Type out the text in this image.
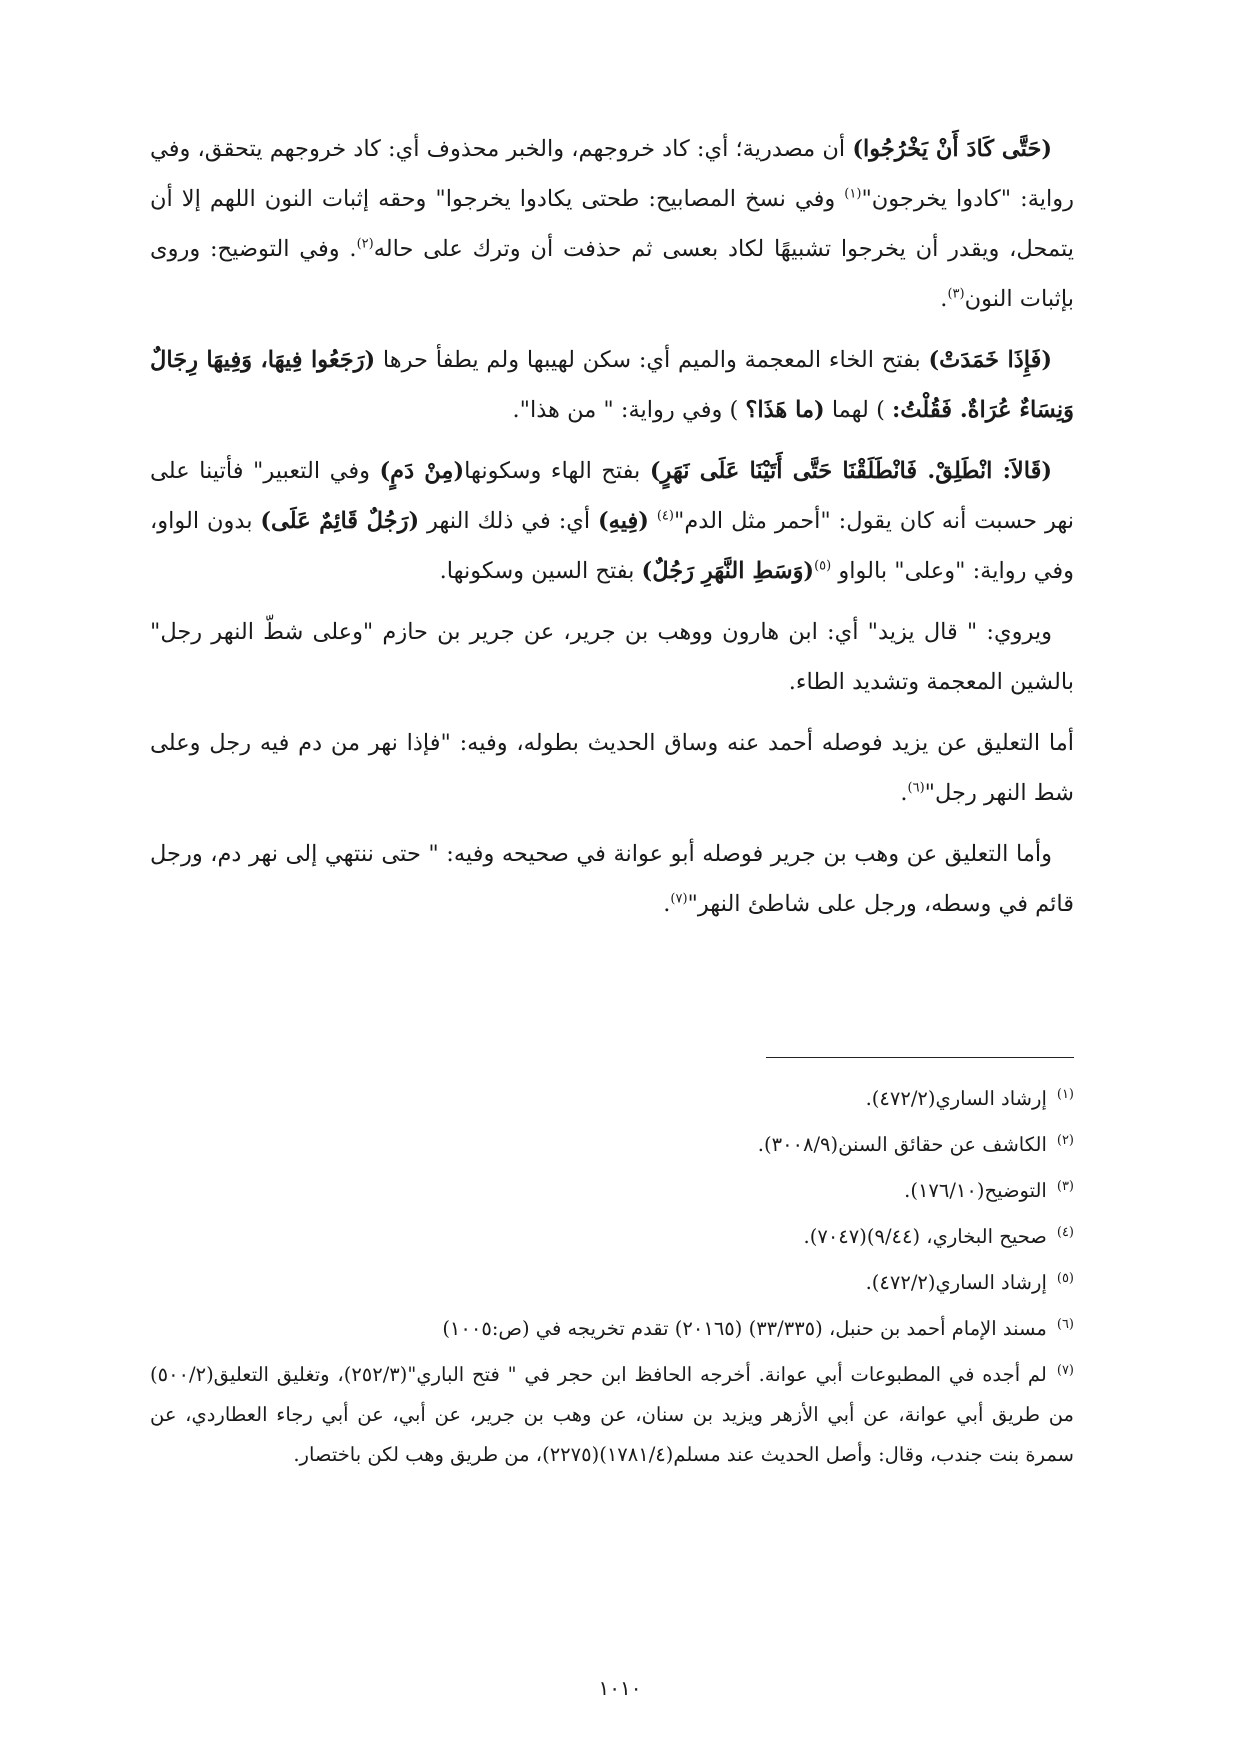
(حَتَّى كَادَ أَنْ يَخْرُجُوا) أن مصدرية؛ أي: كاد خروجهم، والخبر محذوف أي: كاد خروجهم يتحقق، وفي رواية: "كادوا يخرجون"$^{(١)}$ وفي نسخ المصابيح: طحتى يكادوا يخرجوا" وحقه إثبات النون اللهم إلا أن يتمحل، ويقدر أن يخرجوا تشبيهًا لكاد بعسى ثم حذفت أن وترك على حاله$^{(٢)}$. وفي التوضيح: وروى بإثبات النون$^{(٣)}$.

(فَإِذَا خَمَدَتْ) بفتح الخاء المعجمة والميم أي: سكن لهيبها ولم يطفأ حرها (رَجَعُوا فِيهَا، وَفِيهَا رِجَالٌ وَنِسَاءٌ عُرَاةٌ. فَقُلْتُ: ) لهما (ما هَذَا؟ ) وفي رواية: " من هذا".

(قَالاَ: انْطَلِقْ. فَانْطَلَقْنَا حَتَّى أَتَيْنَا عَلَى نَهَرٍ) بفتح الهاء وسكونها(مِنْ دَمٍ) وفي التعبير" فأتينا على نهر حسبت أنه كان يقول: "أحمر مثل الدم"$^{(٤)}$ (فِيهِ) أي: في ذلك النهر (رَجُلٌ قَائِمٌ عَلَى) بدون الواو، وفي رواية: "وعلى" بالواو $^{(٥)}$(وَسَطِ النَّهَرِ رَجُلٌ) بفتح السين وسكونها.

ويروي: " قال يزيد" أي: ابن هارون ووهب بن جرير، عن جرير بن حازم "وعلى شطّ النهر رجل" بالشين المعجمة وتشديد الطاء.

أما التعليق عن يزيد فوصله أحمد عنه وساق الحديث بطوله، وفيه: "فإذا نهر من دم فيه رجل وعلى شط النهر رجل"$^{(٦)}$.

وأما التعليق عن وهب بن جرير فوصله أبو عوانة في صحيحه وفيه: " حتى ننتهي إلى نهر دم، ورجل قائم في وسطه، ورجل على شاطئ النهر"$^{(٧)}$.

(١)إرشاد الساري(٤٧٢/٢).

(٢)الكاشف عن حقائق السنن(٣٠٠٨/٩).

(٣)التوضيح(١٧٦/١٠).

(٤)صحيح البخاري، (٩/٤٤)(٧٠٤٧).

(٥)إرشاد الساري(٤٧٢/٢).

(٦)مسند الإمام أحمد بن حنبل، (٣٣/٣٣٥) (٢٠١٦٥) تقدم تخريجه في (ص:١٠٠٥)

(٧)لم أجده في المطبوعات أبي عوانة. أخرجه الحافظ ابن حجر في " فتح الباري"(٢٥٢/٣)، وتغليق التعليق(٥٠٠/٢) من طريق أبي عوانة، عن أبي الأزهر ويزيد بن سنان، عن وهب بن جرير، عن أبي، عن أبي رجاء العطاردي، عن سمرة بنت جندب، وقال: وأصل الحديث عند مسلم(١٧٨١/٤)(٢٢٧٥)، من طريق وهب لكن باختصار.

١٠١٠
